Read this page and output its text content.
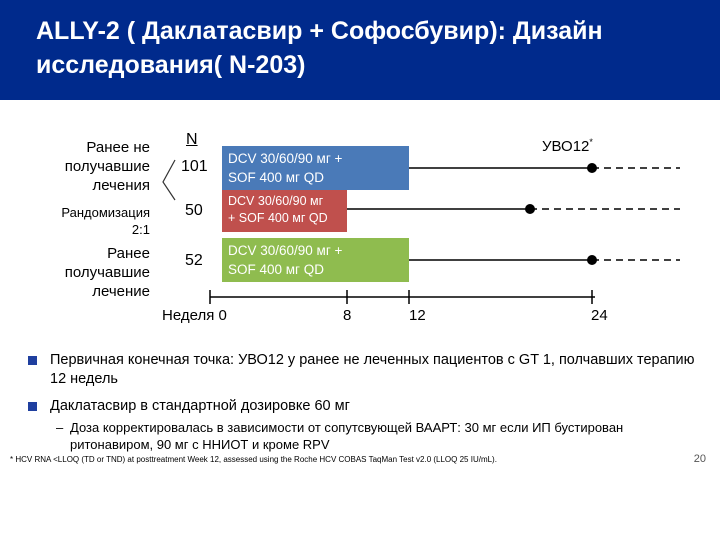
ALLY-2 ( Даклатасвир + Софосбувир): Дизайн исследования( N-203)
Ранее не
получавшие
лечения
Рандомизация
2:1
Ранее
получавшие
лечение
N
101
50
52
DCV 30/60/90 мг +
SOF 400 мг QD
DCV 30/60/90 мг
+ SOF 400 мг QD
DCV 30/60/90 мг +
SOF 400 мг QD
УВО12*
Неделя 0	8	12	24
Первичная конечная точка: УВО12 у ранее не леченных пациентов с GT 1, полчавших терапию 12 недель
Даклатасвир в стандартной дозировке 60 мг
– Доза корректировалась в зависимости от сопутсвующей ВААРТ: 30 мг если ИП бустирован ритонавиром, 90 мг с ННИОТ и кроме RPV
* HCV RNA <LLOQ (TD or TND) at posttreatment Week 12, assessed using the Roche HCV COBAS TaqMan Test v2.0 (LLOQ 25 IU/mL).	20
